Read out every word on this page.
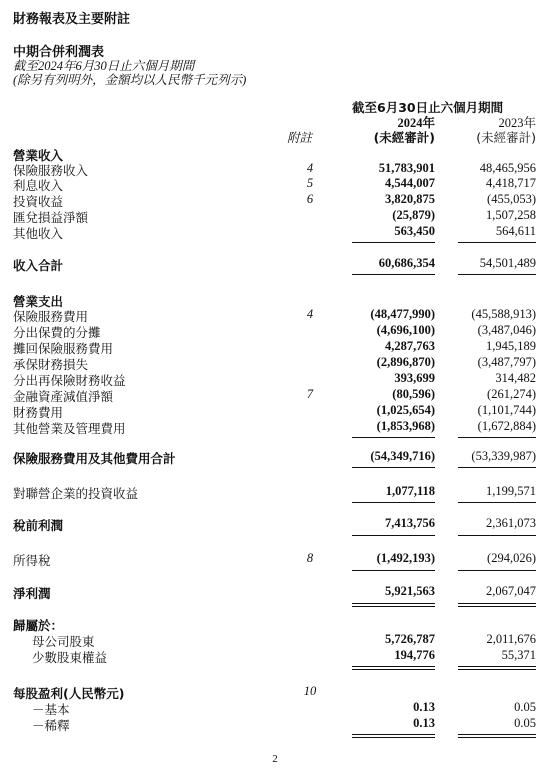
財務報表及主要附註
中期合併利潤表
截至2024年6月30日止六個月期間
(除另有列明外，金額均以人民幣千元列示)
截至6月30日止六個月期間
2024年	2023年
附註	(未經審計)	(未經審計)
營業收入
保險服務收入	4	51,783,901	48,465,956
利息收入	5	4,544,007	4,418,717
投資收益	6	3,820,875	(455,053)
匯兌損益淨額	(25,879)	1,507,258
其他收入	563,450	564,611
收入合計	60,686,354	54,501,489
營業支出
保險服務費用	4	(48,477,990)	(45,588,913)
分出保費的分攤	(4,696,100)	(3,487,046)
攤回保險服務費用	4,287,763	1,945,189
承保財務損失	(2,896,870)	(3,487,797)
分出再保險財務收益	393,699	314,482
金融資產減值淨額	7	(80,596)	(261,274)
財務費用	(1,025,654)	(1,101,744)
其他營業及管理費用	(1,853,968)	(1,672,884)
保險服務費用及其他費用合計	(54,349,716)	(53,339,987)
對聯營企業的投資收益	1,077,118	1,199,571
稅前利潤	7,413,756	2,361,073
所得稅	8	(1,492,193)	(294,026)
淨利潤	5,921,563	2,067,047
歸屬於：
母公司股東	5,726,787	2,011,676
少數股東權益	194,776	55,371
每股盈利(人民幣元)	10
－基本	0.13	0.05
－稀釋	0.13	0.05
2
